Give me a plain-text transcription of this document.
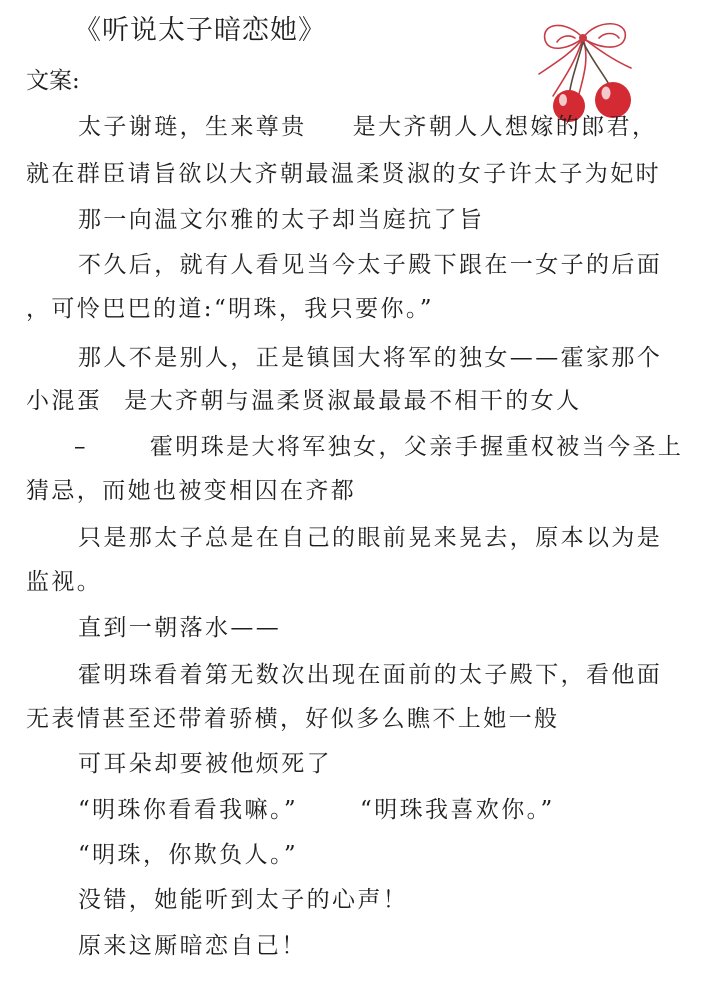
《听说太子暗恋她》
文案:
太子谢琏，生来尊贵 是大齐朝人人想嫁的郎君，
就在群臣请旨欲以大齐朝最温柔贤淑的女子许太子为妃时
那一向温文尔雅的太子却当庭抗了旨
不久后，就有人看见当今太子殿下跟在一女子的后面
，可怜巴巴的道:“明珠，我只要你。”
那人不是别人，正是镇国大将军的独女——霍家那个
小混蛋 是大齐朝与温柔贤淑最最最不相干的女人
–	霍明珠是大将军独女，父亲手握重权被当今圣上
猜忌，而她也被变相囚在齐都
只是那太子总是在自己的眼前晃来晃去，原本以为是
监视。
直到一朝落水——
霍明珠看着第无数次出现在面前的太子殿下，看他面
无表情甚至还带着骄横，好似多么瞧不上她一般
可耳朵却要被他烦死了
“明珠你看看我嘛。”	“明珠我喜欢你。”
“明珠，你欺负人。”
没错，她能听到太子的心声！
原来这厮暗恋自己！
